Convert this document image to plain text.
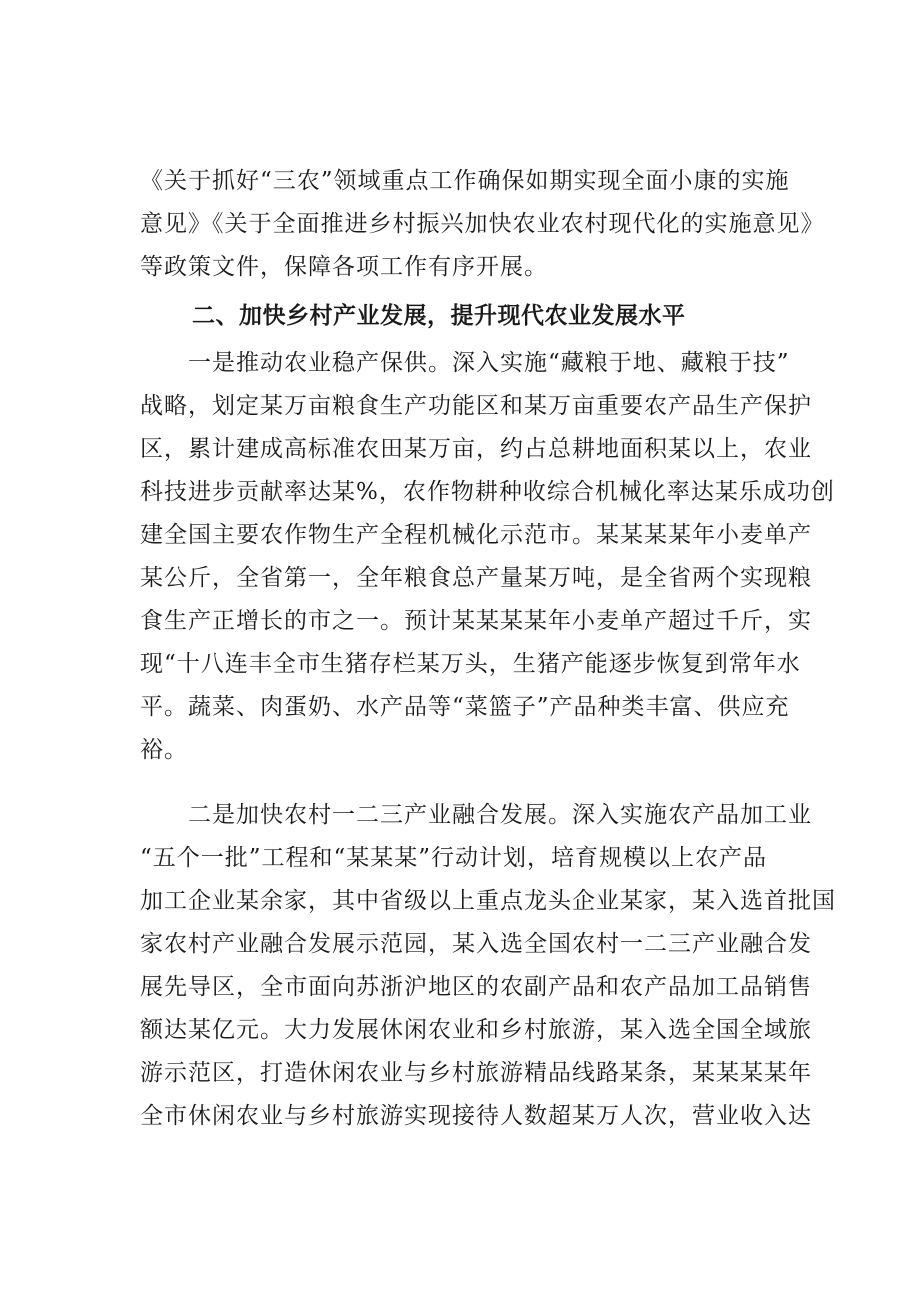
《关于抓好“三农”领域重点工作确保如期实现全面小康的实施
意见》《关于全面推进乡村振兴加快农业农村现代化的实施意见》
等政策文件，保障各项工作有序开展。

二、加快乡村产业发展，提升现代农业发展水平

　　一是推动农业稳产保供。深入实施“藏粮于地、藏粮于技”
战略，划定某万亩粮食生产功能区和某万亩重要农产品生产保护
区，累计建成高标准农田某万亩，约占总耕地面积某以上，农业
科技进步贡献率达某%，农作物耕种收综合机械化率达某乐成功创
建全国主要农作物生产全程机械化示范市。某某某某年小麦单产
某公斤，全省第一，全年粮食总产量某万吨，是全省两个实现粮
食生产正增长的市之一。预计某某某某年小麦单产超过千斤，实
现“十八连丰全市生猪存栏某万头，生猪产能逐步恢复到常年水
平。蔬菜、肉蛋奶、水产品等“菜篮子”产品种类丰富、供应充
裕。

　　二是加快农村一二三产业融合发展。深入实施农产品加工业
“五个一批”工程和“某某某”行动计划，培育规模以上农产品
加工企业某余家，其中省级以上重点龙头企业某家，某入选首批国
家农村产业融合发展示范园，某入选全国农村一二三产业融合发
展先导区，全市面向苏浙沪地区的农副产品和农产品加工品销售
额达某亿元。大力发展休闲农业和乡村旅游，某入选全国全域旅
游示范区，打造休闲农业与乡村旅游精品线路某条，某某某某年
全市休闲农业与乡村旅游实现接待人数超某万人次，营业收入达
